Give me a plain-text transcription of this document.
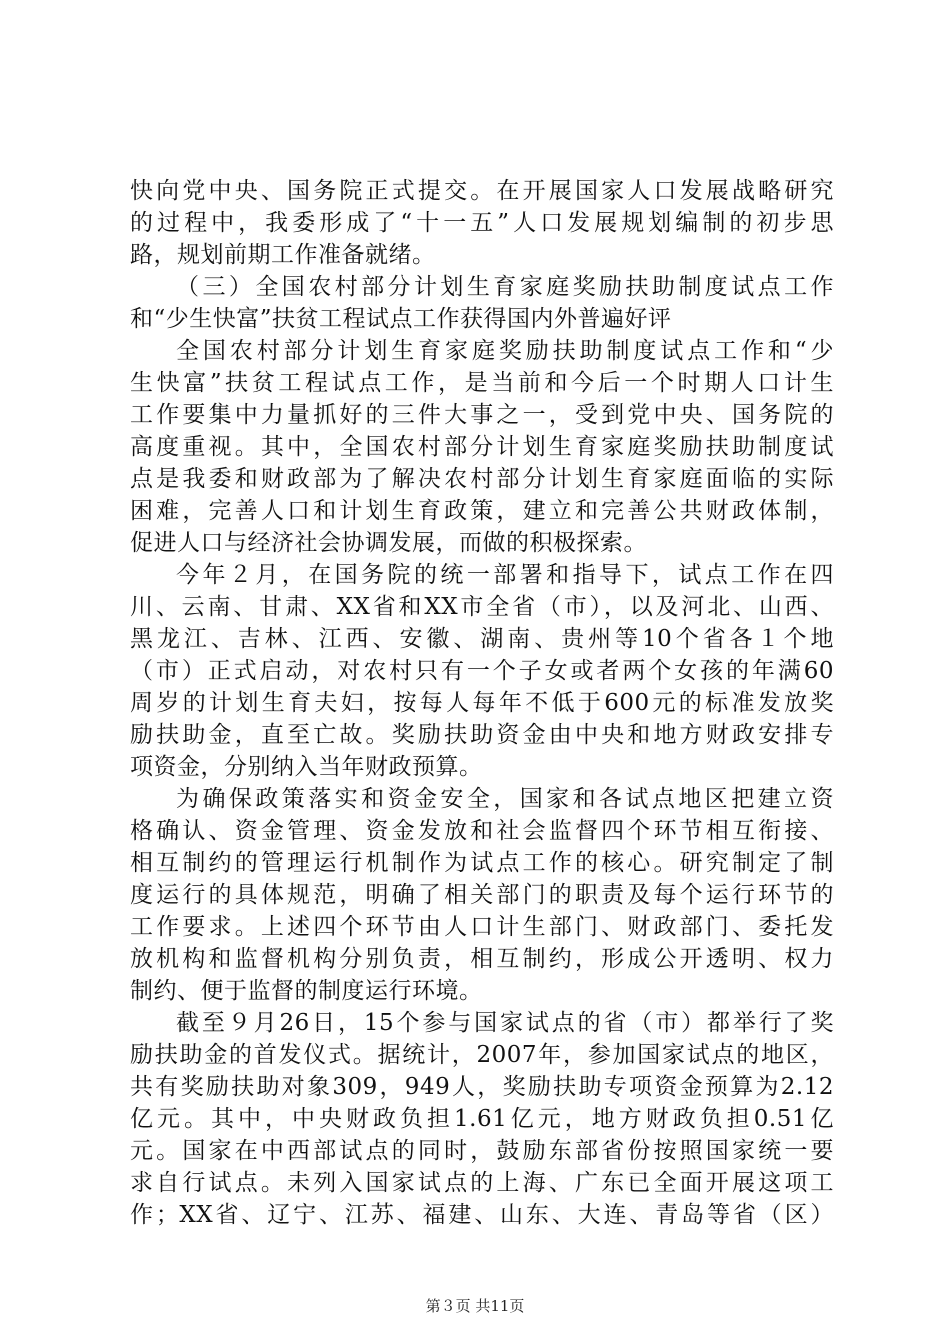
快向党中央、国务院正式提交。在开展国家人口发展战略研究
的过程中，我委形成了“十一五”人口发展规划编制的初步思
路，规划前期工作准备就绪。
（三）全国农村部分计划生育家庭奖励扶助制度试点工作
和“少生快富”扶贫工程试点工作获得国内外普遍好评
全国农村部分计划生育家庭奖励扶助制度试点工作和“少
生快富”扶贫工程试点工作，是当前和今后一个时期人口计生
工作要集中力量抓好的三件大事之一，受到党中央、国务院的
高度重视。其中，全国农村部分计划生育家庭奖励扶助制度试
点是我委和财政部为了解决农村部分计划生育家庭面临的实际
困难，完善人口和计划生育政策，建立和完善公共财政体制，
促进人口与经济社会协调发展，而做的积极探索。
今年２月，在国务院的统一部署和指导下，试点工作在四
川、云南、甘肃、XX省和XX市全省（市），以及河北、山西、
黑龙江、吉林、江西、安徽、湖南、贵州等10个省各１个地
（市）正式启动，对农村只有一个子女或者两个女孩的年满60
周岁的计划生育夫妇，按每人每年不低于600元的标准发放奖
励扶助金，直至亡故。奖励扶助资金由中央和地方财政安排专
项资金，分别纳入当年财政预算。
为确保政策落实和资金安全，国家和各试点地区把建立资
格确认、资金管理、资金发放和社会监督四个环节相互衔接、
相互制约的管理运行机制作为试点工作的核心。研究制定了制
度运行的具体规范，明确了相关部门的职责及每个运行环节的
工作要求。上述四个环节由人口计生部门、财政部门、委托发
放机构和监督机构分别负责，相互制约，形成公开透明、权力
制约、便于监督的制度运行环境。
截至９月26日，15个参与国家试点的省（市）都举行了奖
励扶助金的首发仪式。据统计，2007年，参加国家试点的地区，
共有奖励扶助对象309，949人，奖励扶助专项资金预算为2.12
亿元。其中，中央财政负担1.61亿元，地方财政负担0.51亿
元。国家在中西部试点的同时，鼓励东部省份按照国家统一要
求自行试点。未列入国家试点的上海、广东已全面开展这项工
作；XX省、辽宁、江苏、福建、山东、大连、青岛等省（区）
第３页 共11页
